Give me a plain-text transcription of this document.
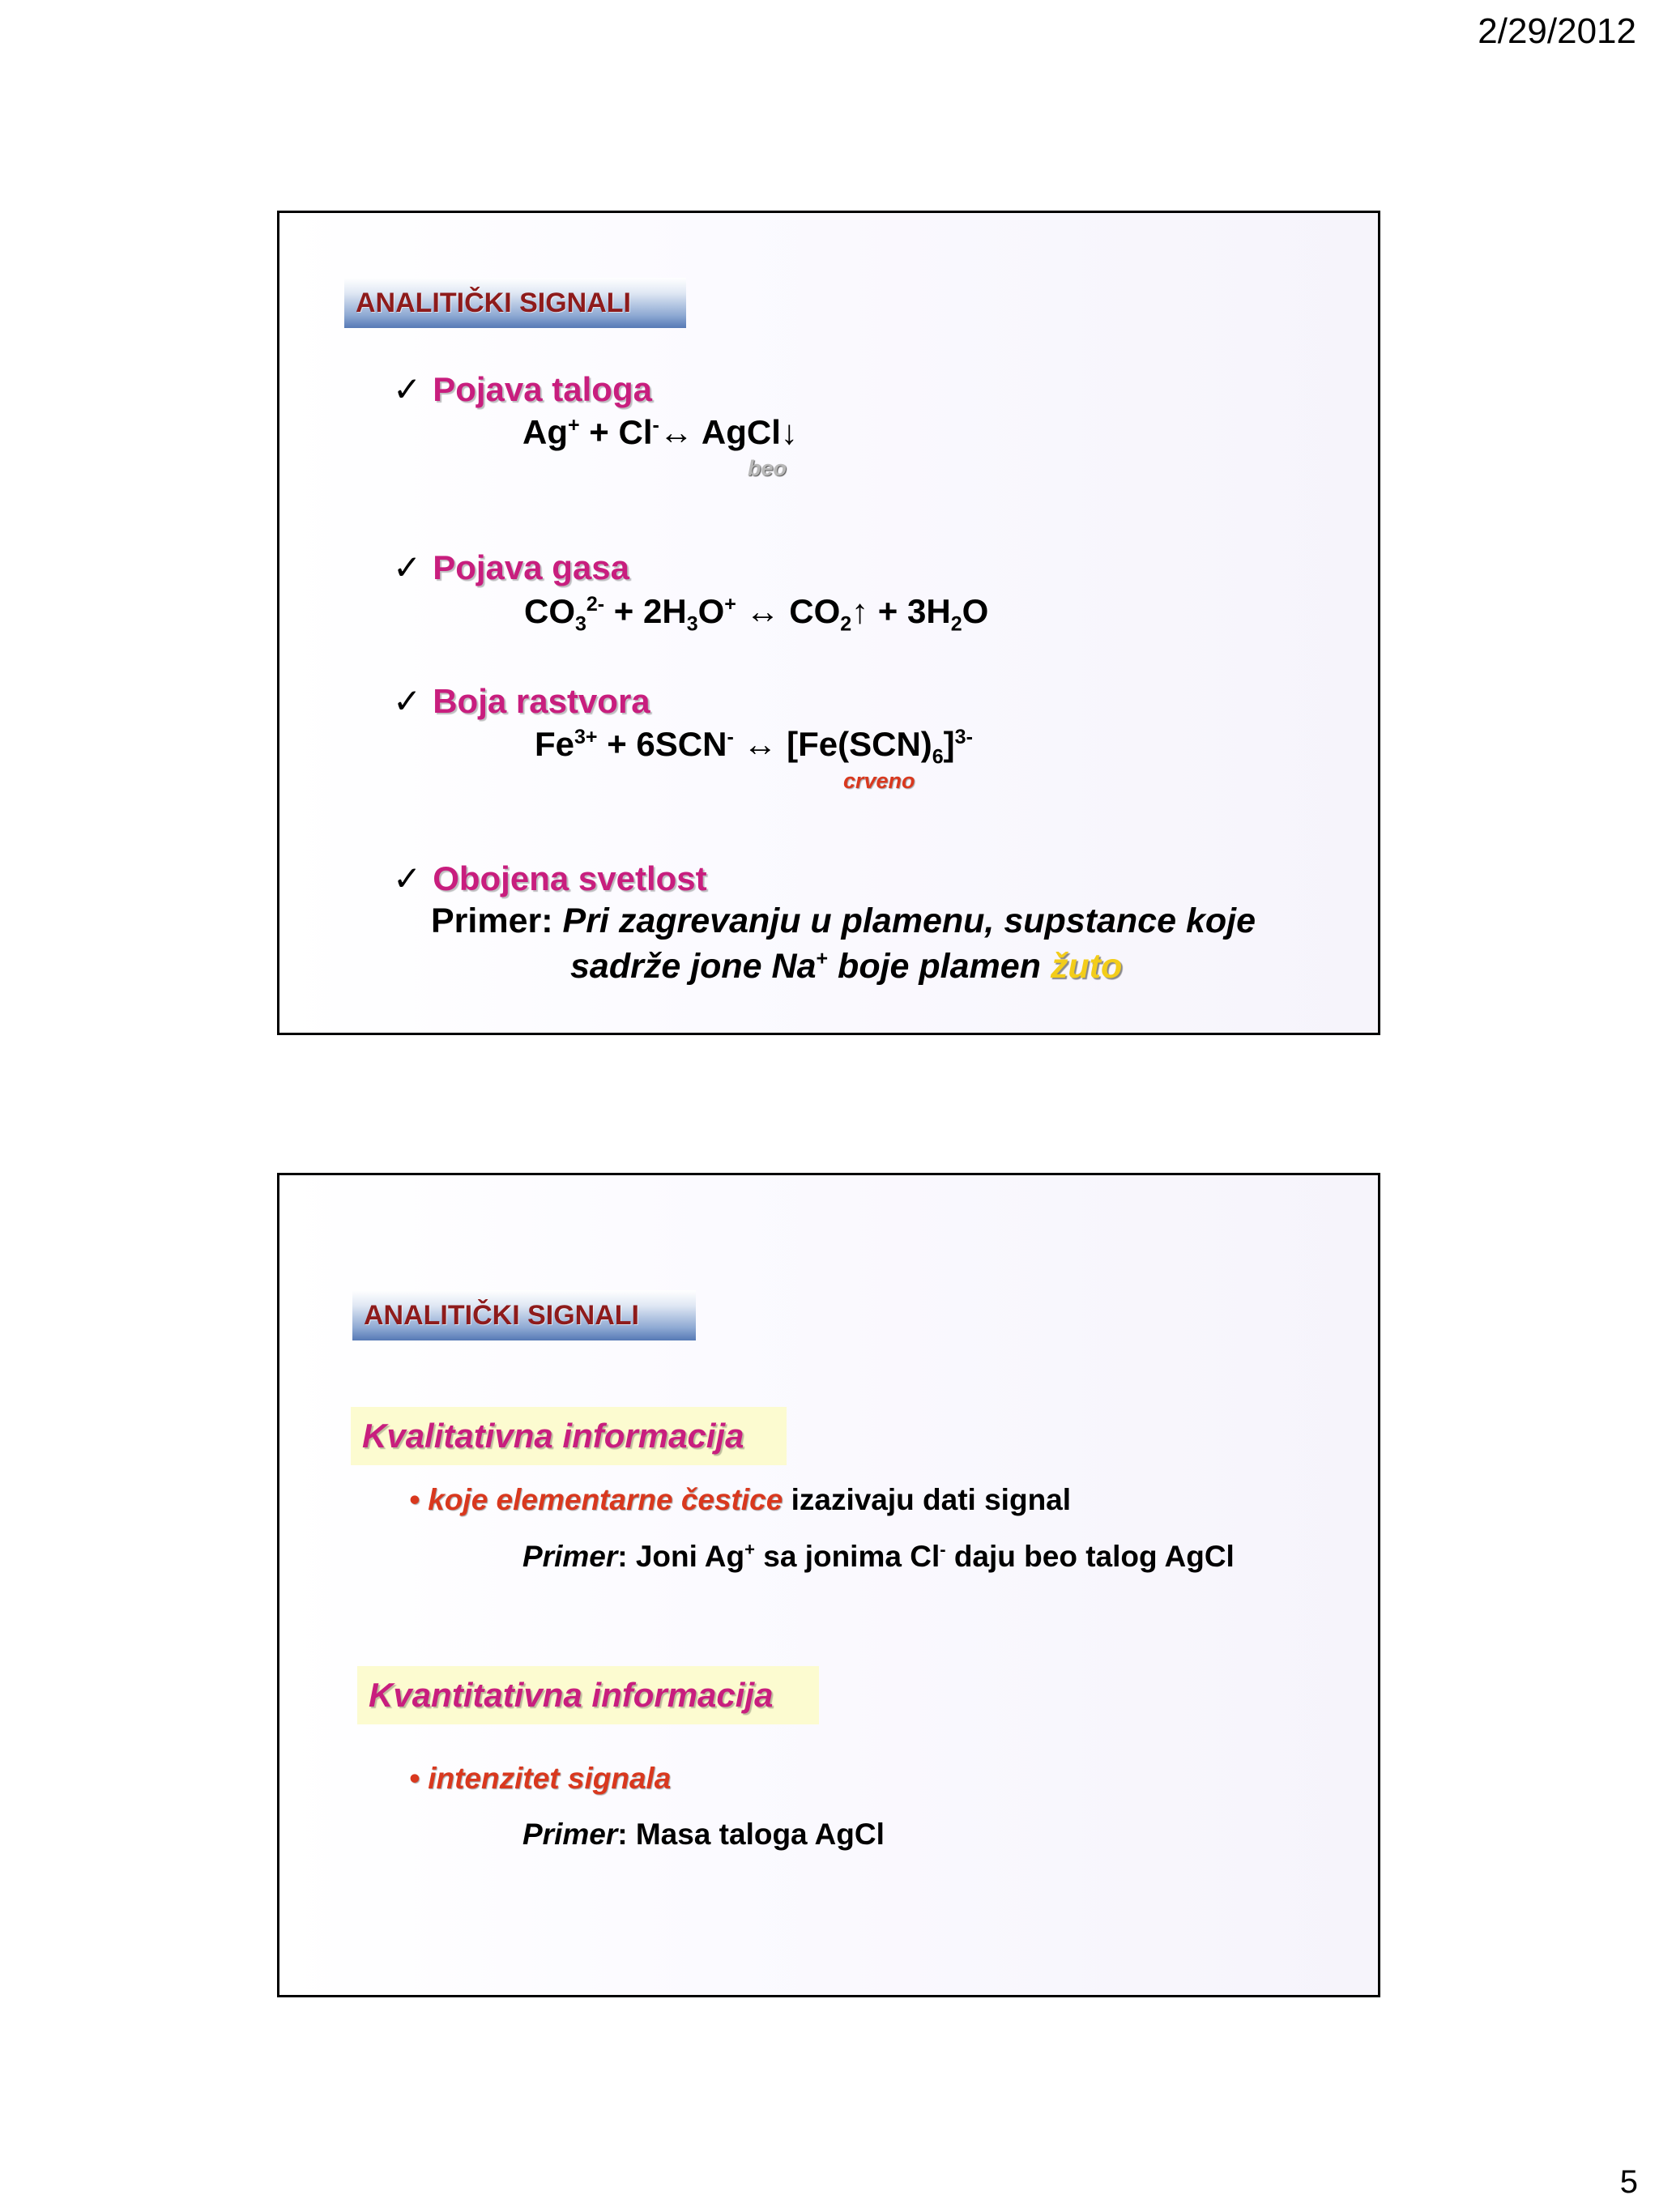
2/29/2012
ANALITIČKI SIGNALI
✓ Pojava taloga
Ag+ + Cl-↔ AgCl↓
beo
✓ Pojava gasa
$CO_3^{2-} + 2H_3O^+$ ↔ $CO_2↑ + 3H_2O$
✓ Boja rastvora
$Fe^{3+} + 6SCN^-$ ↔ $[Fe(SCN)_6]^{3-}$
crveno
✓ Obojena svetlost
Primer: Pri zagrevanju u plamenu, supstance koje
sadrže jone Na+ boje plamen žuto
ANALITIČKI SIGNALI
Kvalitativna informacija
• koje elementarne čestice izazivaju dati signal
Primer: Joni Ag+ sa jonima Cl- daju beo talog AgCl
Kvantitativna informacija
• intenzitet signala
Primer: Masa taloga AgCl
5
